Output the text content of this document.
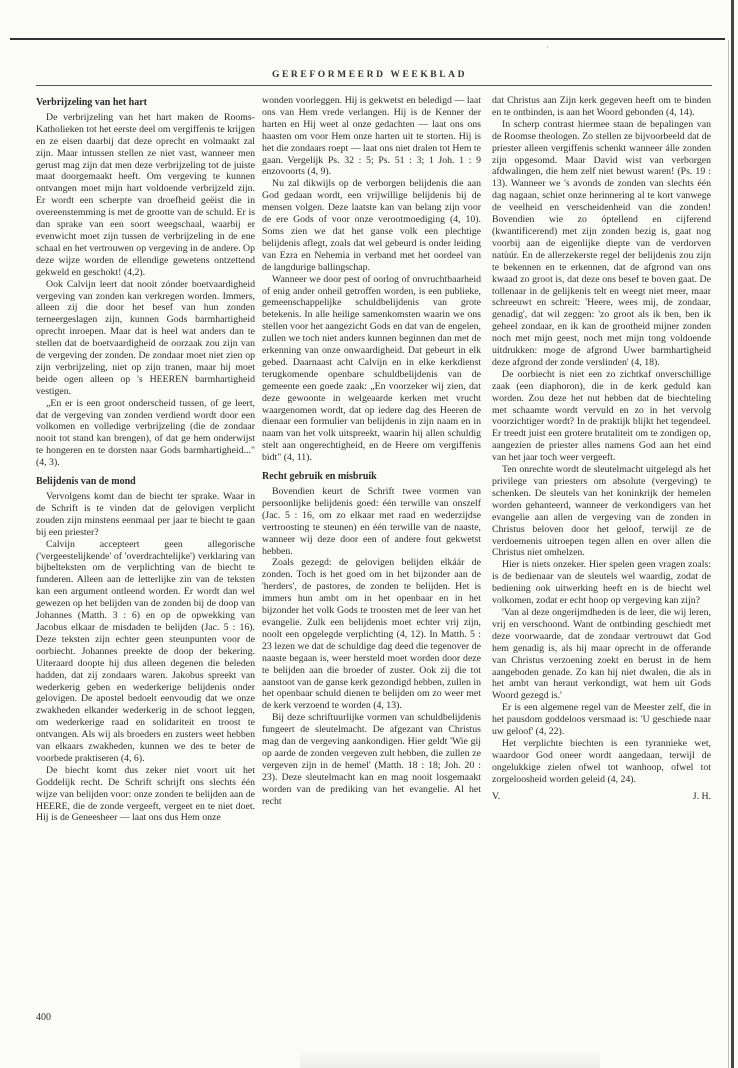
·
GEREFORMEERD WEEKBLAD
Verbrijzeling van het hart

De verbrijzeling van het hart maken de Rooms-Katholieken tot het eerste deel om vergiffenis te krijgen en ze eisen daarbij dat deze oprecht en volmaakt zal zijn. Maar intussen stellen ze niet vast, wanneer men gerust mag zijn dat men deze verbrijzeling tot de juiste maat doorgemaakt heeft. Om vergeving te kunnen ontvangen moet mijn hart voldoende verbrijzeld zijn. Er wordt een scherpte van droefheid geëist die in overeenstemming is met de grootte van de schuld. Er is dan sprake van een soort weegschaal, waarbij er evenwicht moet zijn tussen de verbrijzeling in de ene schaal en het vertrouwen op vergeving in de andere. Op deze wijze worden de ellendige gewetens ontzettend gekweld en geschokt! (4,2).

Ook Calvijn leert dat nooit zónder boetvaardigheid vergeving van zonden kan verkregen worden. Immers, alleen zij die door het besef van hun zonden terneergeslagen zijn, kunnen Gods barmhartigheid oprecht inroepen. Maar dat is heel wat anders dan te stellen dat de boetvaardigheid de oorzaak zou zijn van de vergeving der zonden. De zondaar moet niet zien op zijn verbrijzeling, niet op zijn tranen, maar hij moet beide ogen alleen op 's HEEREN barmhartigheid vestigen.

„En er is een groot onderscheid tussen, of ge leert, dat de vergeving van zonden verdiend wordt door een volkomen en volledige verbrijzeling (die de zondaar nooit tot stand kan brengen), of dat ge hem onderwijst te hongeren en te dorsten naar Gods barmhartigheid..." (4, 3).

Belijdenis van de mond

Vervolgens komt dan de biecht ter sprake. Waar in de Schrift is te vinden dat de gelovigen verplicht zouden zijn minstens eenmaal per jaar te biecht te gaan bij een priester?

Calvijn accepteert geen allegorische ('vergeestelijkende' of 'overdrachtelijke') verklaring van bijbelteksten om de verplichting van de biecht te funderen. Alleen aan de letterlijke zin van de teksten kan een argument ontleend worden. Er wordt dan wel gewezen op het belijden van de zonden bij de doop van Johannes (Matth. 3 : 6) en op de opwekking van Jacobus elkaar de misdaden te belijden (Jac. 5 : 16). Deze teksten zijn echter geen steunpunten voor de oorbiecht. Johannes preekte de doop der bekering. Uiteraard doopte hij dus alleen degenen die beleden hadden, dat zij zondaars waren. Jakobus spreekt van wederkerig geben en wederkerige belijdenis onder gelovigen. De apostel bedoelt eenvoudig dat we onze zwakheden elkander wederkerig in de schoot leggen, om wederkerige raad en solidariteit en troost te ontvangen. Als wij als broeders en zusters weet hebben van elkaars zwakheden, kunnen we des te beter de voorbede praktiseren (4, 6).

De biecht komt dus zeker niet voort uit het Goddelijk recht. De Schrift schrijft ons slechts één wijze van belijden voor: onze zonden te belijden aan de HEERE, die de zonde vergeeft, vergeet en te niet doet. Hij is de Geneesheer — laat ons dus Hem onze

wonden voorleggen. Hij is gekwetst en beledigd — laat ons van Hem vrede verlangen. Hij is de Kenner der harten en Hij weet al onze gedachten — laat ons ons haasten om voor Hem onze harten uit te storten. Hij is het die zondaars roept — laat ons niet dralen tot Hem te gaan. Vergelijk Ps. 32 : 5; Ps. 51 : 3; 1 Joh. 1 : 9 enzovoorts (4, 9).

Nu zal dikwijls op de verborgen belijdenis die aan God gedaan wordt, een vrijwillige belijdenis bij de mensen volgen. Deze laatste kan van belang zijn voor de ere Gods of voor onze verootmoediging (4, 10). Soms zien we dat het ganse volk een plechtige belijdenis aflegt, zoals dat wel gebeurd is onder leiding van Ezra en Nehemia in verband met het oordeel van de langdurige ballingschap.

Wanneer we door pest of oorlog of onvruchtbaarheid of enig ander onheil getroffen worden, is een publieke, gemeenschappelijke schuldbelijdenis van grote betekenis. In alle heilige samenkomsten waarin we ons stellen voor het aangezicht Gods en dat van de engelen, zullen we toch niet anders kunnen beginnen dan met de erkenning van onze onwaardigheid. Dat gebeurt in elk gebed. Daarnaast acht Calvijn en in elke kerkdienst terugkomende openbare schuldbelijdenis van de gemeente een goede zaak: „En voorzeker wij zien, dat deze gewoonte in welgeaarde kerken met vrucht waargenomen wordt, dat op iedere dag des Heeren de dienaar een formulier van belijdenis in zijn naam en in naam van het volk uitspreekt, waarin hij allen schuldig stelt aan ongerechtigheid, en de Heere om vergiffenis bidt" (4, 11).

Recht gebruik en misbruik

Bovendien keurt de Schrift twee vormen van persoonlijke belijdenis goed: één terwille van onszelf (Jac. 5 : 16, om zo elkaar met raad en wederzijdse vertroosting te steunen) en één terwille van de naaste, wanneer wij deze door een of andere fout gekwetst hebben.

Zoals gezegd: de gelovigen belijden elkáár de zonden. Toch is het goed om in het bijzonder aan de 'herders', de pastores, de zonden te belijden. Het is immers hun ambt om in het openbaar en in het bijzonder het volk Gods te troosten met de leer van het evangelie. Zulk een belijdenis moet echter vrij zijn, noolt een opgelegde verplichting (4, 12). In Matth. 5 : 23 lezen we dat de schuldige dag deed die tegenover de naaste begaan is, weer hersteld moet worden door deze te belijden aan die broeder of zuster. Ook zij die tot aanstoot van de ganse kerk gezondigd hebben, zullen in het openbaar schuld dienen te belijden om zo weer met de kerk verzoend te worden (4, 13).

Bij deze schriftuurlijke vormen van schuldbelijdenis fungeert de sleutelmacht. De afgezant van Christus mag dan de vergeving aankondigen. Hier geldt 'Wie gij op aarde de zonden vergeven zult hebben, die zullen ze vergeven zijn in de hemel' (Matth. 18 : 18; Joh. 20 : 23). Deze sleutelmacht kan en mag nooit losgemaakt worden van de prediking van het evangelie. Al het recht

dat Christus aan Zijn kerk gegeven heeft om te binden en te ontbinden, is aan het Woord gebonden (4, 14).

In scherp contrast hiermee staan de bepalingen van de Roomse theologen. Zo stellen ze bijvoorbeeld dat de priester alleen vergiffenis schenkt wanneer álle zonden zijn opgesomd. Maar David wist van verborgen afdwalingen, die hem zelf niet bewust waren! (Ps. 19 : 13). Wanneer we 's avonds de zonden van slechts één dag nagaan, schiet onze herinnering al te kort vanwege de veelheid en verscheidenheid van die zonden! Bovendien wie zo óptellend en cijferend (kwantificerend) met zijn zonden bezig is, gaat nog voorbij aan de eigenlijke diepte van de verdorven natùúr. En de allerzekerste regel der belijdenis zou zijn te bekennen en te erkennen, dat de afgrond van ons kwaad zo groot is, dat deze ons besef te boven gaat. De tollenaar in de gelijkenis telt en weegt niet meer, maar schreeuwt en schreit: 'Heere, wees mij, de zondaar, genadig', dat wil zeggen: 'zo groot als ik ben, ben ik geheel zondaar, en ik kan de grootheid mijner zonden noch met mijn geest, noch met mijn tong voldoende uitdrukken: moge de afgrond Uwer barmhartigheid deze afgrond der zonde verslinden' (4, 18).

De oorbiecht is niet een zo zichtkaf onverschillige zaak (een diaphoron), die in de kerk geduld kan worden. Zou deze het nut hebben dat de biechteling met schaamte wordt vervuld en zo in het vervolg voorzichtiger wordt? In de praktijk blijkt het tegendeel. Er treedt juist een grotere brutaliteit om te zondigen op, aangezien de priester alles namens God aan het eind van het jaar toch weer vergeeft.

Ten onrechte wordt de sleutelmacht uitgelegd als het privilege van priesters om absolute (vergeving) te schenken. De sleutels van het koninkrijk der hemelen worden gehanteerd, wanneer de verkondigers van het evangelie aan allen de vergeving van de zonden in Christus beloven door het geloof, terwijl ze de verdoemenis uitroepen tegen allen en over allen die Christus niet omhelzen.

Hier is niets onzeker. Hier spelen geen vragen zoals: is de bedienaar van de sleutels wel waardig, zodat de bediening ook uitwerking heeft en is de biecht wel volkomen, zodat er echt hoop op vergeving kan zijn?

'Van al deze ongerijmdheden is de leer, die wij leren, vrij en verschoond. Want de ontbinding geschiedt met deze voorwaarde, dat de zondaar vertrouwt dat God hem genadig is, als hij maar oprecht in de offerande van Christus verzoening zoekt en berust in de hem aangeboden genade. Zo kan hij niet dwalen, die als in het ambt van heraut verkondigt, wat hem uit Gods Woord gezegd is.'

Er is een algemene regel van de Meester zelf, die in het pausdom goddeloos versmaad is: 'U geschiede naar uw geloof' (4, 22).

Het verplichte biechten is een tyrannieke wet, waardoor God oneer wordt aangedaan, terwijl de ongelukkige zielen ofwel tot wanhoop, ofwel tot zorgeloosheid worden geleid (4, 24).

V.	J. H.

400
